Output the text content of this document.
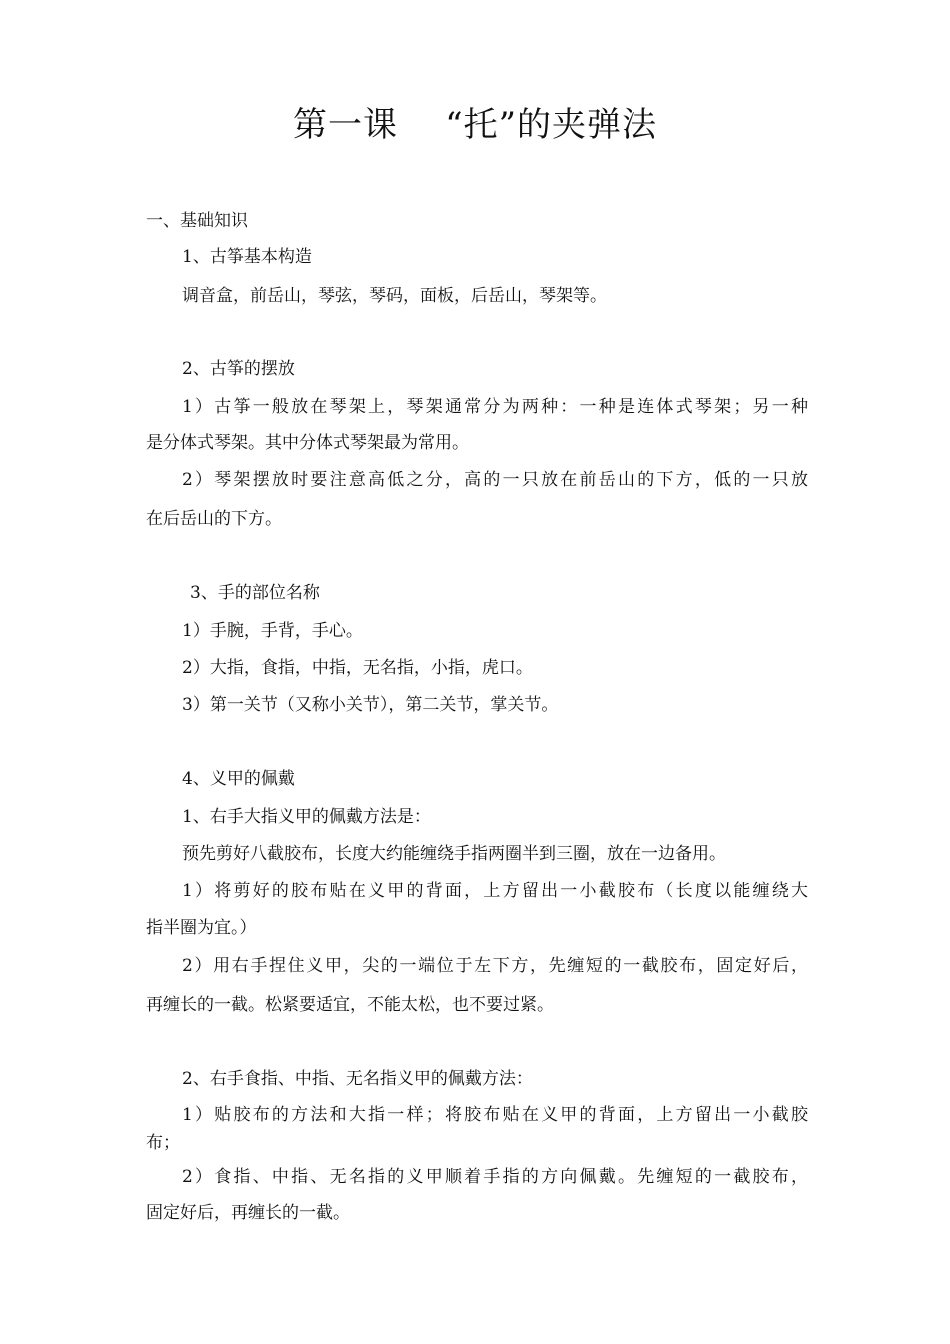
第一课    “托”的夹弹法
一、基础知识
1、古筝基本构造
调音盒，前岳山，琴弦，琴码，面板，后岳山，琴架等。
2、古筝的摆放
1）古筝一般放在琴架上，琴架通常分为两种：一种是连体式琴架；另一种
是分体式琴架。其中分体式琴架最为常用。
2）琴架摆放时要注意高低之分，高的一只放在前岳山的下方，低的一只放
在后岳山的下方。
3、手的部位名称
1）手腕，手背，手心。
2）大指，食指，中指，无名指，小指，虎口。
3）第一关节（又称小关节），第二关节，掌关节。
4、义甲的佩戴
1、右手大指义甲的佩戴方法是：
预先剪好八截胶布，长度大约能缠绕手指两圈半到三圈，放在一边备用。
1）将剪好的胶布贴在义甲的背面，上方留出一小截胶布（长度以能缠绕大
指半圈为宜。）
2）用右手捏住义甲，尖的一端位于左下方，先缠短的一截胶布，固定好后，
再缠长的一截。松紧要适宜，不能太松，也不要过紧。
2、右手食指、中指、无名指义甲的佩戴方法：
1）贴胶布的方法和大指一样；将胶布贴在义甲的背面，上方留出一小截胶
布；
2）食指、中指、无名指的义甲顺着手指的方向佩戴。先缠短的一截胶布，
固定好后，再缠长的一截。
